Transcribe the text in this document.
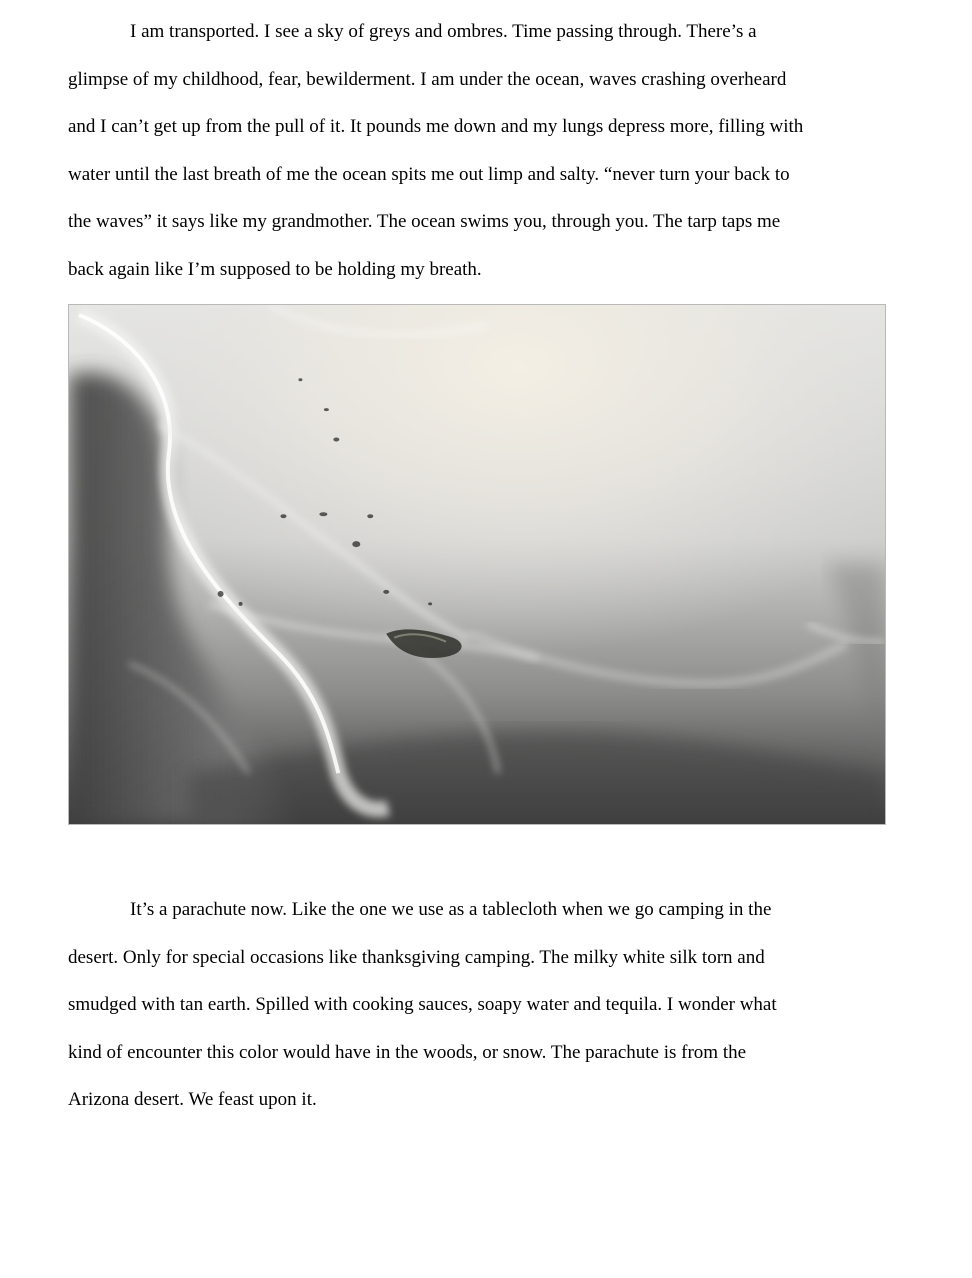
I am transported. I see a sky of greys and ombres. Time passing through. There’s a
glimpse of my childhood, fear, bewilderment. I am under the ocean, waves crashing overheard
and I can’t get up from the pull of it. It pounds me down and my lungs depress more, filling with
water until the last breath of me the ocean spits me out limp and salty. “never turn your back to
the waves” it says like my grandmother. The ocean swims you, through you. The tarp taps me
back again like I’m supposed to be holding my breath.

It’s a parachute now. Like the one we use as a tablecloth when we go camping in the
desert. Only for special occasions like thanksgiving camping. The milky white silk torn and
smudged with tan earth. Spilled with cooking sauces, soapy water and tequila. I wonder what
kind of encounter this color would have in the woods, or snow. The parachute is from the
Arizona desert. We feast upon it.
